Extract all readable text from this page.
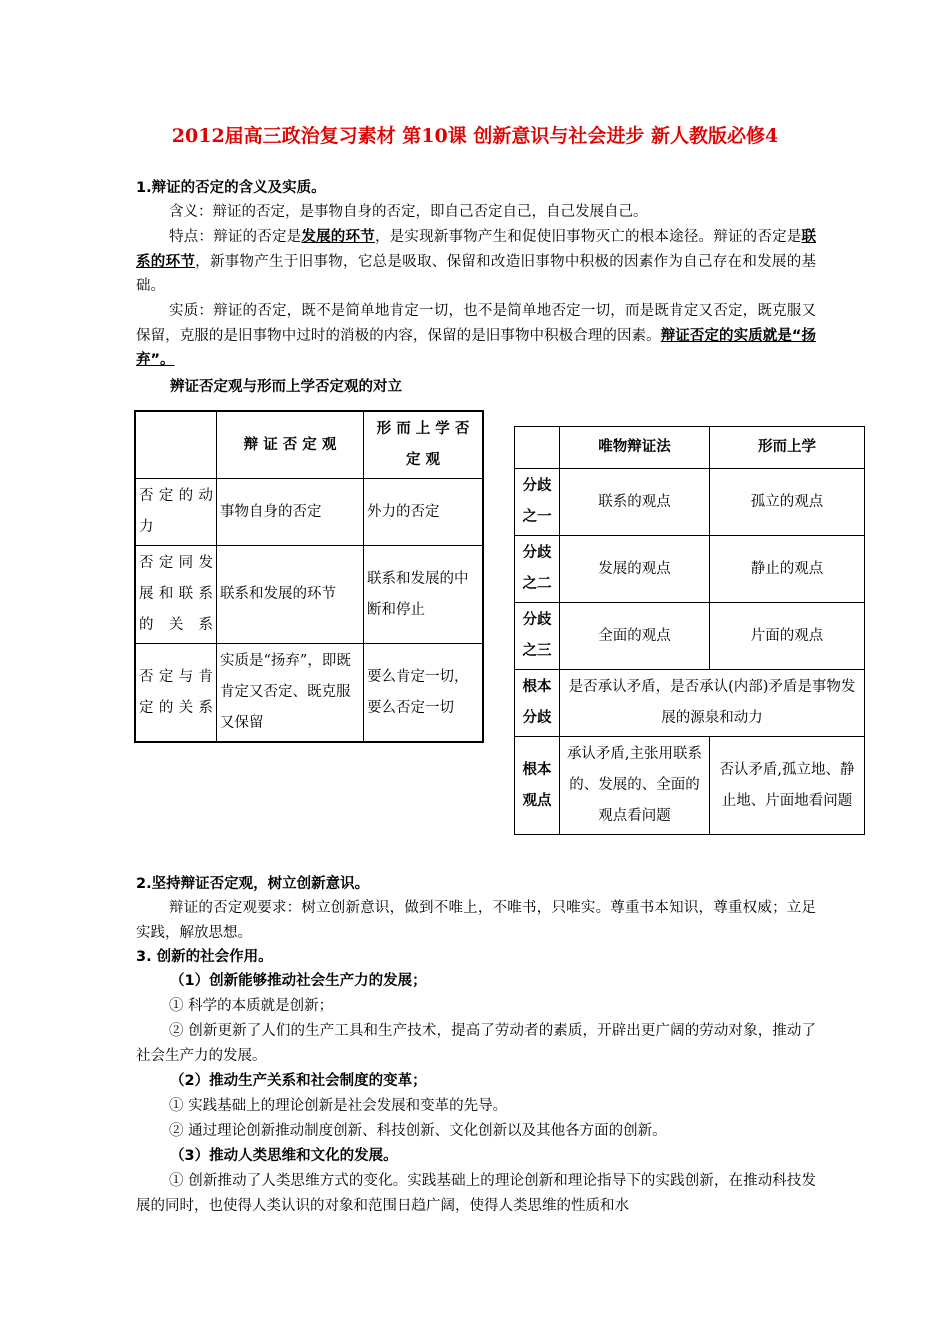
2012届高三政治复习素材 第10课 创新意识与社会进步 新人教版必修4
1.辩证的否定的含义及实质。
含义：辩证的否定，是事物自身的否定，即自己否定自己，自己发展自己。
特点：辩证的否定是发展的环节，是实现新事物产生和促使旧事物灭亡的根本途径。辩证的否定是联系的环节，新事物产生于旧事物，它总是吸取、保留和改造旧事物中积极的因素作为自己存在和发展的基础。
实质：辩证的否定，既不是简单地肯定一切，也不是简单地否定一切，而是既肯定又否定，既克服又保留，克服的是旧事物中过时的消极的内容，保留的是旧事物中积极合理的因素。辩证否定的实质就是“扬弃”。
辨证否定观与形而上学否定观的对立
	辩 证 否 定 观	形 而 上 学 否 定 观
否 定 的 动力	事物自身的否定	外力的否定
否 定 同 发展 和 联 系的关系	联系和发展的环节	联系和发展的中断和停止
否 定 与 肯定的关系	实质是“扬弃”，即既肯定又否定、既克服又保留	要么肯定一切，要么否定一切
	唯物辩证法	形而上学
分歧之一	联系的观点	孤立的观点
分歧之二	发展的观点	静止的观点
分歧之三	全面的观点	片面的观点
根本分歧	是否承认矛盾，是否承认(内部)矛盾是事物发展的源泉和动力	
根本观点	承认矛盾,主张用联系的、发展的、全面的观点看问题	否认矛盾,孤立地、静止地、片面地看问题
2.坚持辩证否定观，树立创新意识。
辩证的否定观要求：树立创新意识，做到不唯上，不唯书，只唯实。尊重书本知识，尊重权威；立足实践，解放思想。
3. 创新的社会作用。
（1）创新能够推动社会生产力的发展；
① 科学的本质就是创新；
② 创新更新了人们的生产工具和生产技术，提高了劳动者的素质，开辟出更广阔的劳动对象，推动了社会生产力的发展。
（2）推动生产关系和社会制度的变革；
① 实践基础上的理论创新是社会发展和变革的先导。
② 通过理论创新推动制度创新、科技创新、文化创新以及其他各方面的创新。
（3）推动人类思维和文化的发展。
① 创新推动了人类思维方式的变化。实践基础上的理论创新和理论指导下的实践创新，在推动科技发展的同时，也使得人类认识的对象和范围日趋广阔，使得人类思维的性质和水
